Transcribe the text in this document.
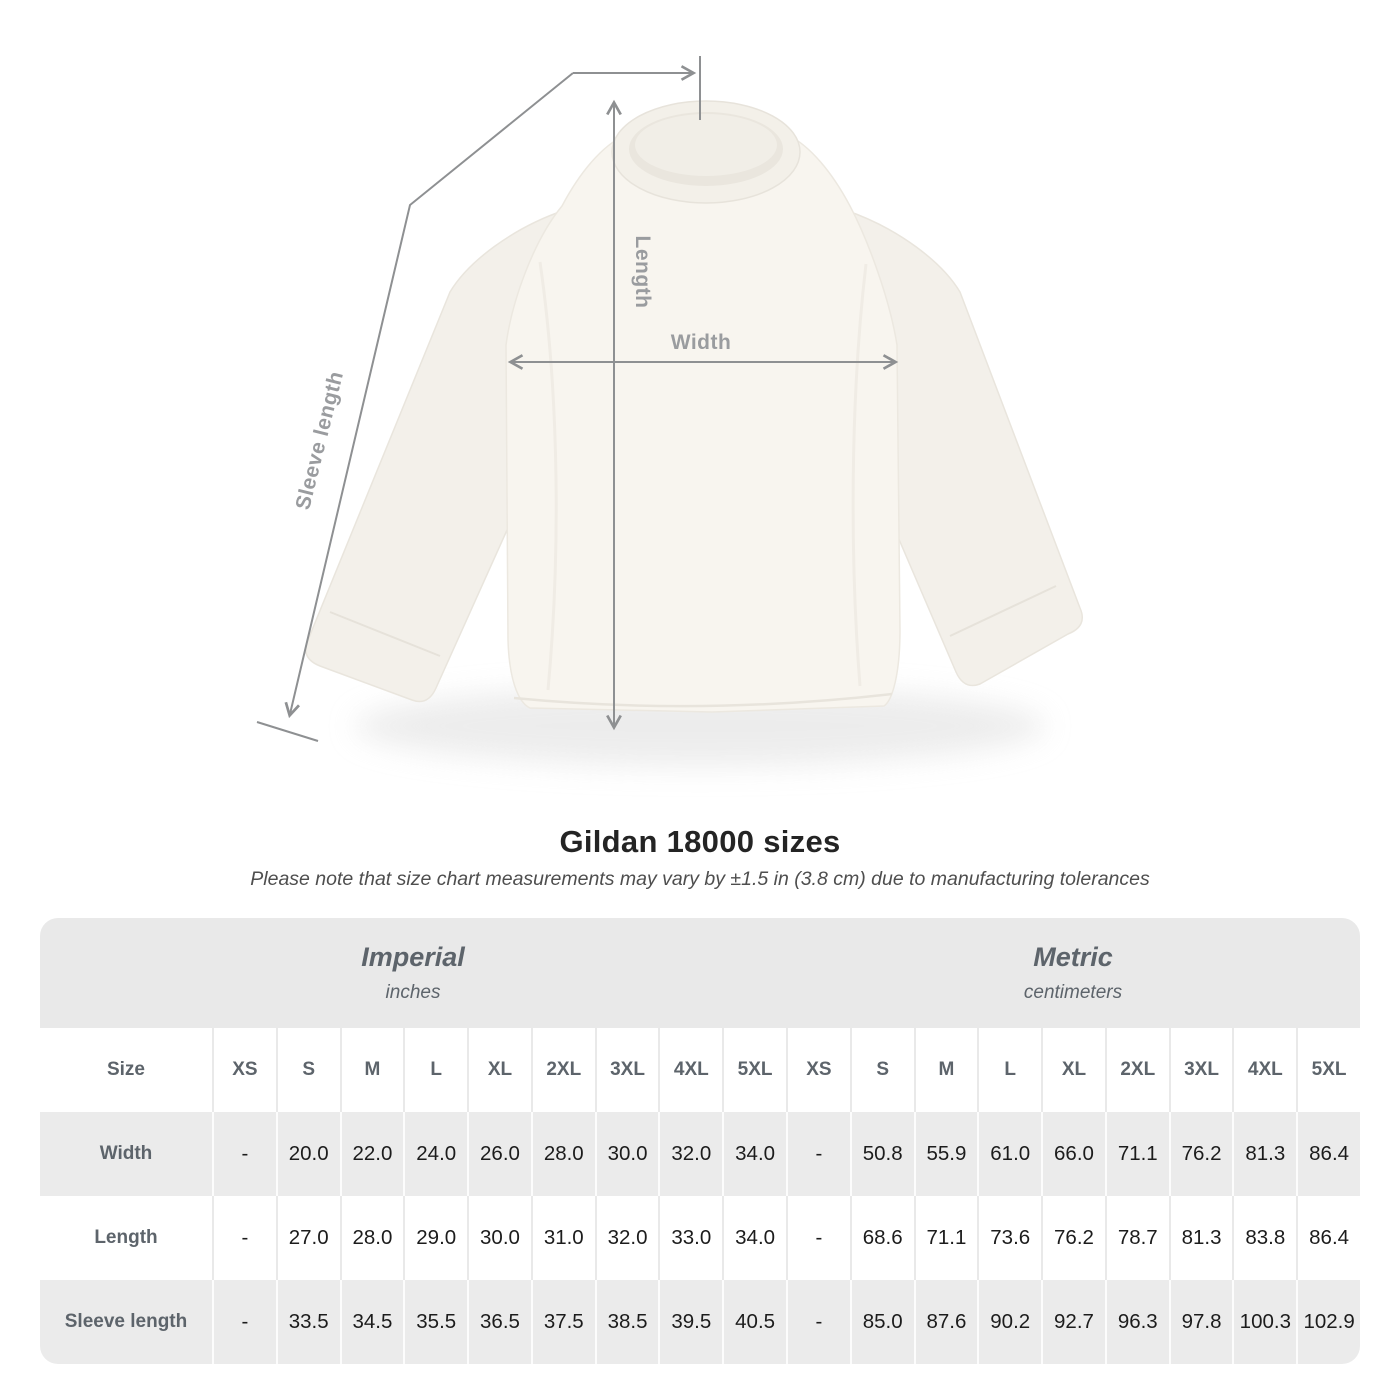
Width
Length
Sleeve length
Gildan 18000 sizes
Please note that size chart measurements may vary by ±1.5 in (3.8 cm) due to manufacturing tolerances
Imperial
inches
Metric
centimeters
Size	XS	S	M	L	XL	2XL	3XL	4XL	5XL	XS	S	M	L	XL	2XL	3XL	4XL	5XL
Width	-	20.0	22.0	24.0	26.0	28.0	30.0	32.0	34.0	-	50.8	55.9	61.0	66.0	71.1	76.2	81.3	86.4
Length	-	27.0	28.0	29.0	30.0	31.0	32.0	33.0	34.0	-	68.6	71.1	73.6	76.2	78.7	81.3	83.8	86.4
Sleeve length	-	33.5	34.5	35.5	36.5	37.5	38.5	39.5	40.5	-	85.0	87.6	90.2	92.7	96.3	97.8 100.3 102.9
